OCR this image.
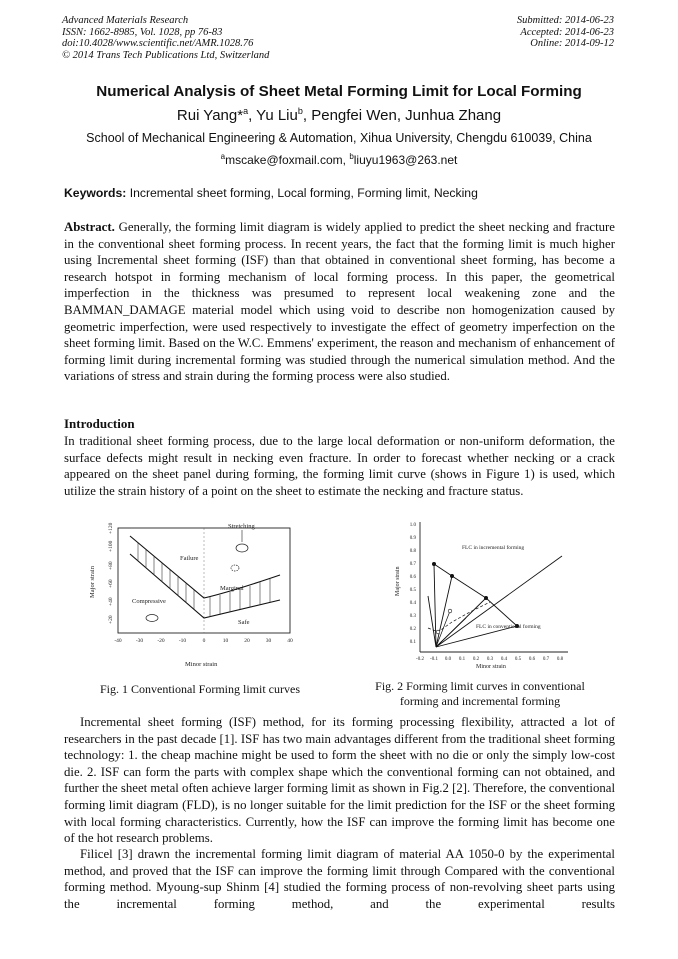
Advanced Materials Research
ISSN: 1662-8985, Vol. 1028, pp 76-83
doi:10.4028/www.scientific.net/AMR.1028.76
© 2014 Trans Tech Publications Ltd, Switzerland
Submitted: 2014-06-23
Accepted: 2014-06-23
Online: 2014-09-12
Numerical Analysis of Sheet Metal Forming Limit for Local Forming
Rui Yang*$^a$, Yu Liu$^b$, Pengfei Wen, Junhua Zhang
School of Mechanical Engineering & Automation, Xihua University, Chengdu 610039, China
$^a$mscake@foxmail.com, $^b$liuyu1963@263.net
Keywords: Incremental sheet forming, Local forming, Forming limit, Necking
Abstract. Generally, the forming limit diagram is widely applied to predict the sheet necking and fracture in the conventional sheet forming process. In recent years, the fact that the forming limit is much higher using Incremental sheet forming (ISF) than that obtained in conventional sheet forming, has become a research hotspot in forming mechanism of local forming process. In this paper, the geometrical imperfection in the thickness was presumed to represent local weakening zone and the BAMMAN_DAMAGE material model which using void to describe non homogenization caused by geometric imperfection, were used respectively to investigate the effect of geometry imperfection on the sheet forming limit. Based on the W.C. Emmens' experiment, the reason and mechanism of enhancement of forming limit during incremental forming was studied through the numerical simulation method. And the variations of stress and strain during the forming process were also studied.
Introduction
In traditional sheet forming process, due to the large local deformation or non-uniform deformation, the surface defects might result in necking even fracture. In order to forecast whether necking or a crack appeared on the sheet panel during forming, the forming limit curve (shows in Figure 1) is used, which utilize the strain history of a point on the sheet to estimate the necking and fracture status.
Stretching
Failure
Marginal
Compressive
Safe
Minor strain
Major strain
-40	-30	-20	-10	0	10	20	30	40
+120
+100
+80
+60
+40
+20
Fig. 1 Conventional Forming limit curves
FLC in incremental forming
FLC in conventional forming
Minor strain
Major strain
-0.2 -0.1 0.0 0.1 0.2 0.3 0.4 0.5 0.6 0.7 0.8
1.0
0.9
0.8
0.7
0.6
0.5
0.4
0.3
0.2
0.1
Fig. 2 Forming limit curves in conventional
forming and incremental forming
Incremental sheet forming (ISF) method, for its forming processing flexibility, attracted a lot of researchers in the past decade [1]. ISF has two main advantages different from the traditional sheet forming technology: 1. the cheap machine might be used to form the sheet with no die or only the simply low-cost die. 2. ISF can form the parts with complex shape which the conventional forming can not obtained, and further the sheet metal often achieve larger forming limit as shown in Fig.2 [2]. Therefore, the conventional forming limit diagram (FLD), is no longer suitable for the limit prediction for the ISF or the sheet forming with local forming characteristics. Currently, how the ISF can improve the forming limit has become one of the hot research problems.
Filicel [3] drawn the incremental forming limit diagram of material AA 1050-0 by the experimental method, and proved that the ISF can improve the forming limit through Compared with the conventional forming method. Myoung-sup Shinm [4] studied the forming process of non-revolving sheet parts using the incremental forming method, and the experimental results
